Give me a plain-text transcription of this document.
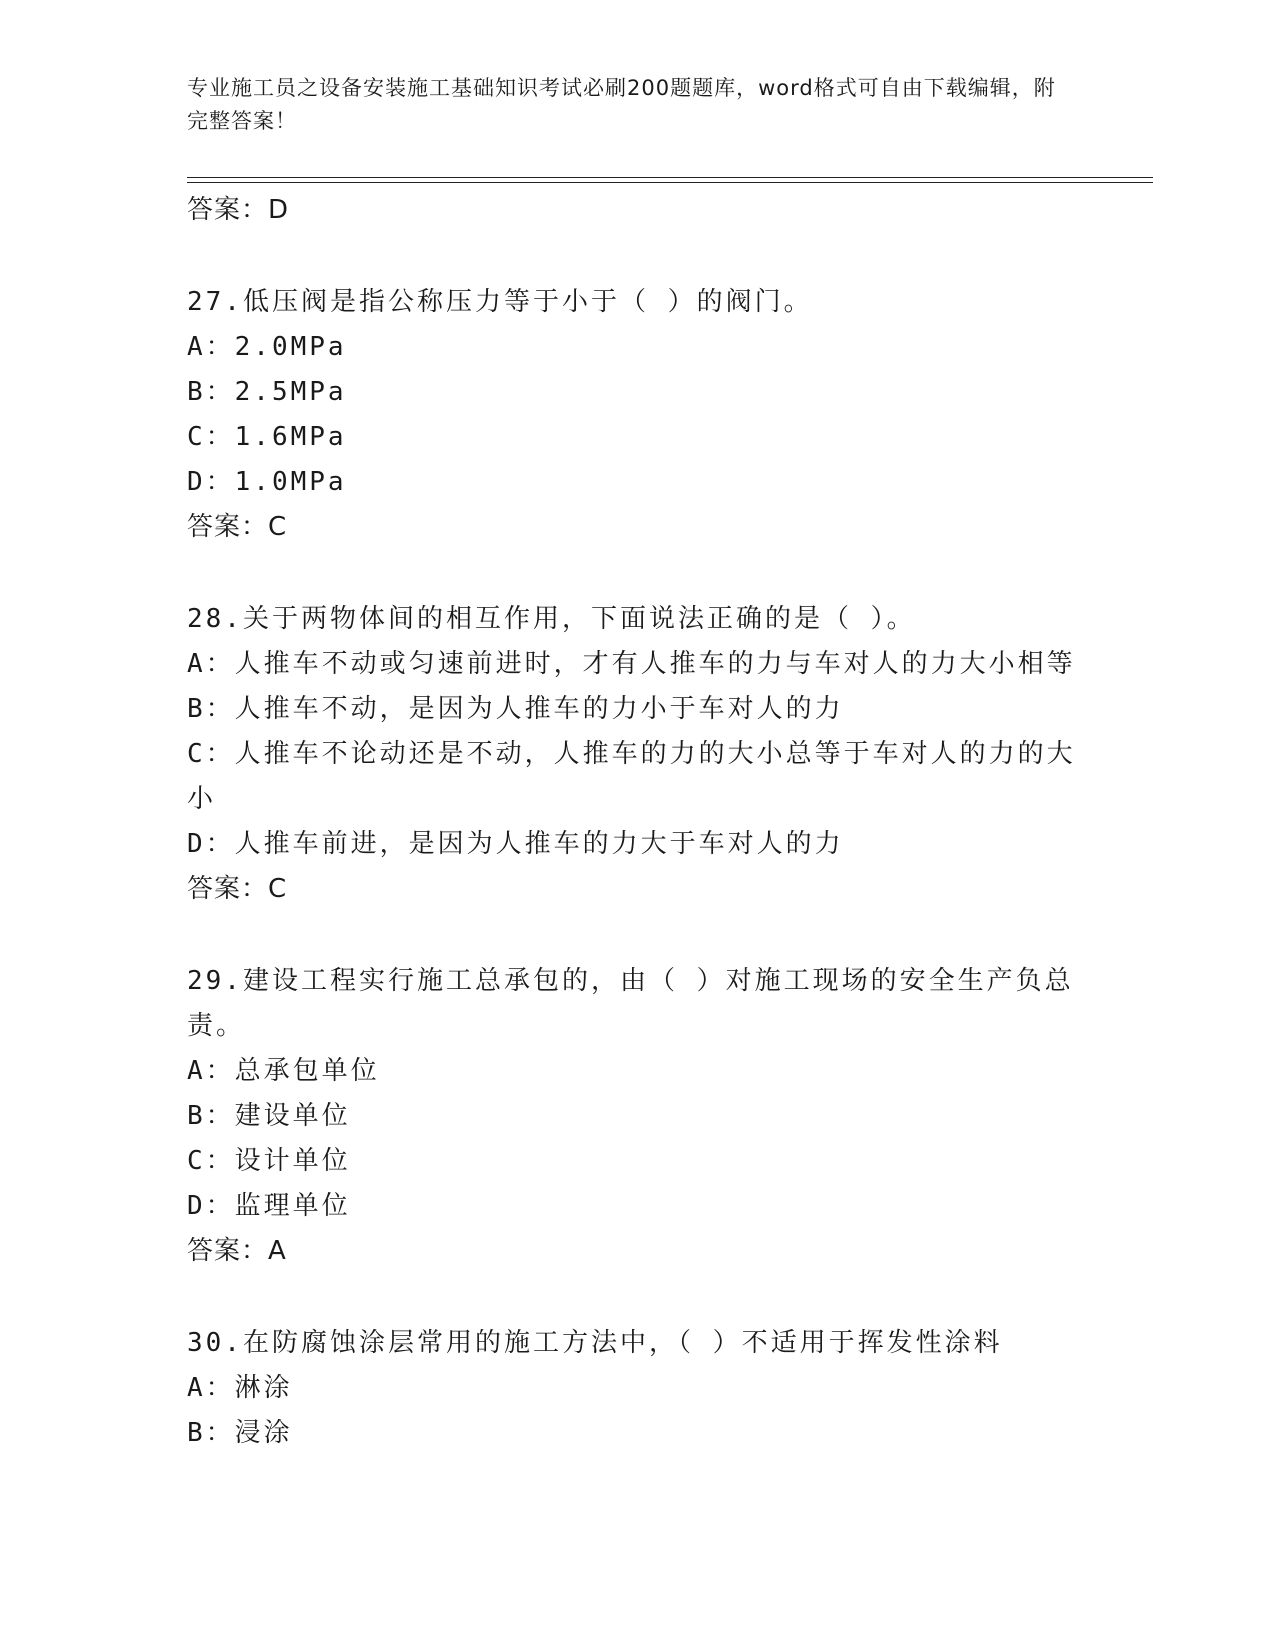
专业施工员之设备安装施工基础知识考试必刷200题题库，word格式可自由下载编辑，附完整答案！
答案：D
27.低压阀是指公称压力等于小于（ ）的阀门。
A：2.0MPa
B：2.5MPa
C：1.6MPa
D：1.0MPa
答案：C
28.关于两物体间的相互作用，下面说法正确的是（ ）。
A：人推车不动或匀速前进时，才有人推车的力与车对人的力大小相等
B：人推车不动，是因为人推车的力小于车对人的力
C：人推车不论动还是不动，人推车的力的大小总等于车对人的力的大小
D：人推车前进，是因为人推车的力大于车对人的力
答案：C
29.建设工程实行施工总承包的，由（ ）对施工现场的安全生产负总责。
A：总承包单位
B：建设单位
C：设计单位
D：监理单位
答案：A
30.在防腐蚀涂层常用的施工方法中，（ ）不适用于挥发性涂料
A：淋涂
B：浸涂
